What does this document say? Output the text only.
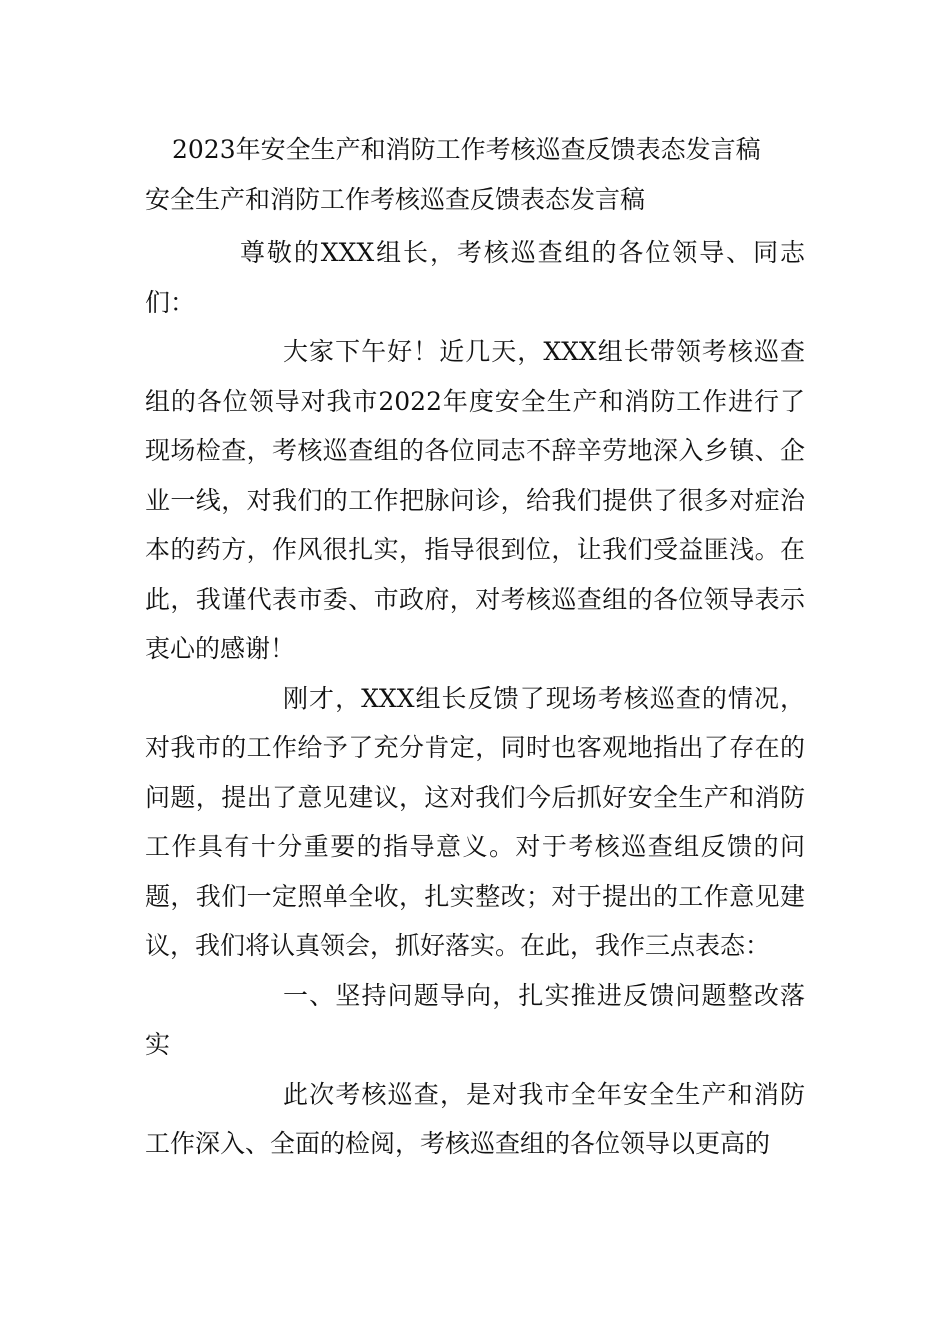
2023年安全生产和消防工作考核巡查反馈表态发言稿
安全生产和消防工作考核巡查反馈表态发言稿

尊敬的XXX组长，考核巡查组的各位领导、同志们：

大家下午好！近几天，XXX组长带领考核巡查组的各位领导对我市2022年度安全生产和消防工作进行了现场检查，考核巡查组的各位同志不辞辛劳地深入乡镇、企业一线，对我们的工作把脉问诊，给我们提供了很多对症治本的药方，作风很扎实，指导很到位，让我们受益匪浅。在此，我谨代表市委、市政府，对考核巡查组的各位领导表示衷心的感谢！

刚才，XXX组长反馈了现场考核巡查的情况，对我市的工作给予了充分肯定，同时也客观地指出了存在的问题，提出了意见建议，这对我们今后抓好安全生产和消防工作具有十分重要的指导意义。对于考核巡查组反馈的问题，我们一定照单全收，扎实整改；对于提出的工作意见建议，我们将认真领会，抓好落实。在此，我作三点表态：

一、坚持问题导向，扎实推进反馈问题整改落实

此次考核巡查，是对我市全年安全生产和消防工作深入、全面的检阅，考核巡查组的各位领导以更高的
